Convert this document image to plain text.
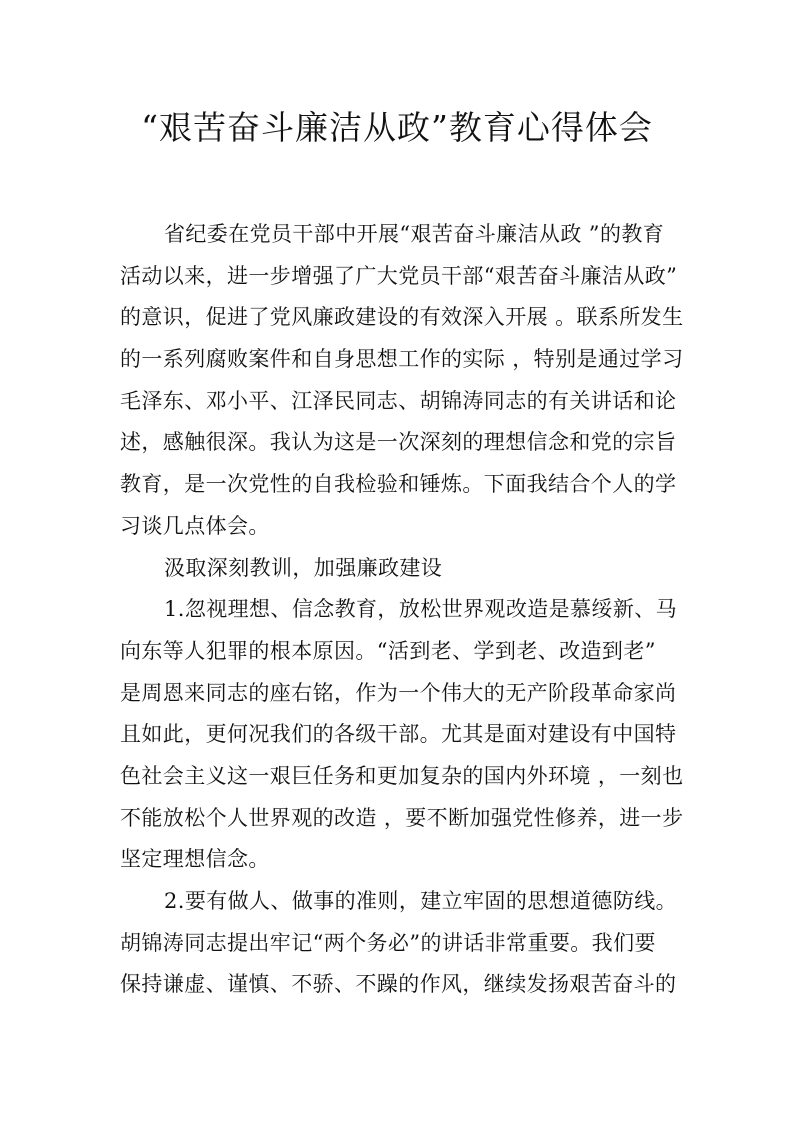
“艰苦奋斗廉洁从政”教育心得体会
省纪委在党员干部中开展“艰苦奋斗廉洁从政 ”的教育
活动以来，进一步增强了广大党员干部“艰苦奋斗廉洁从政”
的意识，促进了党风廉政建设的有效深入开展 。联系所发生
的一系列腐败案件和自身思想工作的实际 ，特别是通过学习
毛泽东、邓小平、江泽民同志、胡锦涛同志的有关讲话和论
述，感触很深。我认为这是一次深刻的理想信念和党的宗旨
教育，是一次党性的自我检验和锤炼。下面我结合个人的学
习谈几点体会。
汲取深刻教训，加强廉政建设
1.忽视理想、信念教育，放松世界观改造是慕绥新、马
向东等人犯罪的根本原因。“活到老、学到老、改造到老”
是周恩来同志的座右铭，作为一个伟大的无产阶段革命家尚
且如此，更何况我们的各级干部。尤其是面对建设有中国特
色社会主义这一艰巨任务和更加复杂的国内外环境 ，一刻也
不能放松个人世界观的改造 ，要不断加强党性修养，进一步
坚定理想信念。
2.要有做人、做事的准则，建立牢固的思想道德防线。
胡锦涛同志提出牢记“两个务必”的讲话非常重要。我们要
保持谦虚、谨慎、不骄、不躁的作风，继续发扬艰苦奋斗的
